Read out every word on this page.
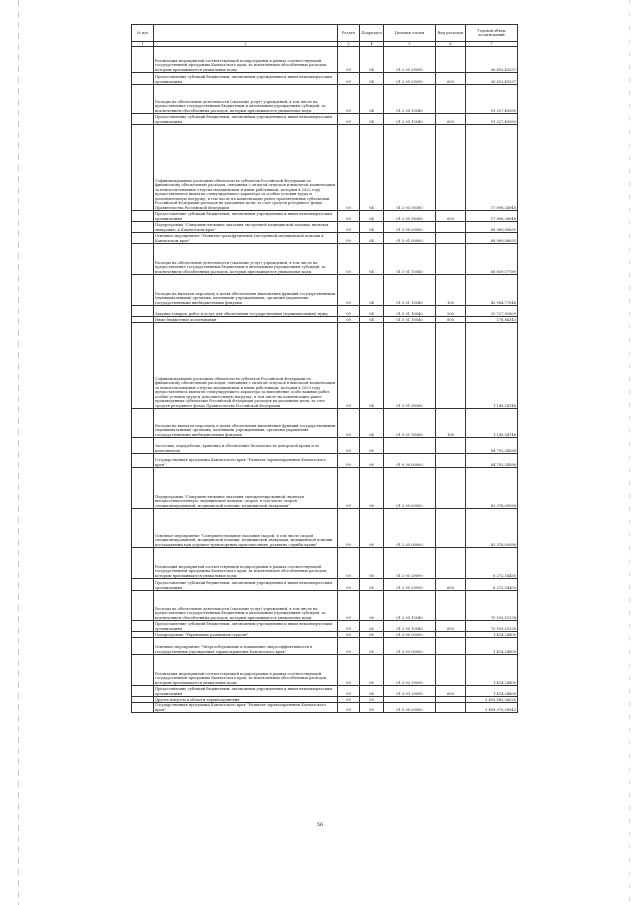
№ п/п		Раздел	Подраздел	Целевая статья	Вид расходов	Годовой объем ассигнований
1	2	3	4	5	6	7
	Реализация мероприятий соответствующей подпрограммы в рамках соответствующей государственной программы Камчатского края, за исключением обособленных расходов, которым присваиваются уникальные коды	09	04	01 2 05 29090		56 852,43537
	Предоставление субсидий бюджетным, автономным учреждениям и иным некоммерческим организациям	09	04	01 2 05 29090	600	56 852,43537
	Расходы на обеспечение деятельности (оказание услуг) учреждений, в том числе на предоставление государственным бюджетным и автономным учреждениям субсидий, за исключением обособленных расходов, которым присваиваются уникальные коды	09	04	01 2 05 10040		91 327,49080
	Предоставление субсидий бюджетным, автономным учреждениям и иным некоммерческим организациям	09	04	01 2 05 10040	600	91 327,49080
	Софинансирование расходных обязательств субъектов Российской Федерации по финансовому обеспечению расходов, связанных с оплатой отпусков и выплатой компенсации за неиспользованные отпуска медицинским и иным работникам, которым в 2022 году предоставлялись выплаты стимулирующего характера за особые условия труда и дополнительную нагрузку, в том числе на компенсацию ранее произведенных субъектами Российской Федерации расходов на указанные цели, за счет средств резервного фонда Правительства Российской Федерации	09	04	01 2 05 58380		17 898,34948
	Предоставление субсидий бюджетным, автономным учреждениям и иным некоммерческим организациям	09	04	01 2 05 58380	600	17 898,34948
	Подпрограмма "Совершенствование оказания экстренной медицинской помощи, включая эвакуацию, в Камчатском крае"	09	04	01 5 00 00000		68 969,08835
	Основное мероприятие "Развитие трансфузионной (экстренной медицинской помощи в Камчатском крае"	09	04	01 5 01 00000		68 969,08835
	Расходы на обеспечение деятельности (оказание услуг) учреждений, в том числе на предоставление государственным бюджетным и автономным учреждениям субсидий, за исключением обособленных расходов, которым присваиваются уникальные коды	09	04	01 5 01 10040		68 859,57789
	Расходы на выплаты персоналу в целях обеспечения выполнения функций государственными (муниципальными) органами, казенными учреждениями, органами управления государственными внебюджетными фондами	09	04	01 5 01 10040	100	42 984,77046
	Закупка товаров, работ и услуг для обеспечения государственных (муниципальных) нужд	09	04	01 5 01 10040	200	25 727,92809
	Иные бюджетные ассигнования	09	04	01 5 01 10040	800	176,84143
	Софинансирование расходных обязательств субъектов Российской Федерации по финансовому обеспечению расходов, связанных с оплатой отпусков и выплатой компенсации за неиспользованные отпуска медицинским и иным работникам, которым в 2020 году предоставлялись выплаты стимулирующего характера за выполнение особо важных работ, особые условия труда и дополнительную нагрузку, в том числе на компенсацию ранее произведенных субъектами Российской Федерации расходов на указанные цели, за счет средств резервного фонда Правительства Российской Федерации	09	04	01 5 01 58380		1 149,54746
	Расходы на выплаты персоналу в целях обеспечения выполнения функций государственными (муниципальными) органами, казенными учреждениями, органами управления государственными внебюджетными фондами	09	04	01 5 01 58380	100	1 149,54746
	Заготовка, переработка, хранение и обеспечение безопасности донорской крови и ее компонентов	09	06			84 792,34588
	Государственная программа Камчатского края "Развитие здравоохранения Камчатского края"	09	06	01 0 00 00000		84 792,34588
	Подпрограмма "Совершенствование оказания специализированной, включая высокотехнологичную, медицинской помощи, скорой, в том числе скорой специализированной, медицинской помощи, медицинской эвакуации"	09	06	01 2 00 00000		83 378,09588
	Основное мероприятие "Совершенствование оказания скорой, в том числе скорой специализированной, медицинской помощи, медицинской эвакуации, медицинской помощи пострадавшим при дорожно-транспортных происшествиях, развитие службы крови"	09	06	01 2 05 00000		83 378,09588
	Реализация мероприятий соответствующей подпрограммы в рамках соответствующей государственной программы Камчатского края, за исключением обособленных расходов, которым присваиваются уникальные коды	09	06	01 2 05 29090		8 272,54450
	Предоставление субсидий бюджетным, автономным учреждениям и иным некоммерческим организациям	09	06	01 2 05 29090	600	8 272,54450
	Расходы на обеспечение деятельности (оказание услуг) учреждений, в том числе на предоставление государственным бюджетным и автономным учреждениям субсидий, за исключением обособленных расходов, которым присваиваются уникальные коды	09	06	01 2 05 10040		75 105,55138
	Предоставление субсидий бюджетным, автономным учреждениям и иным некоммерческим организациям	09	06	01 2 05 10040	600	75 105,55138
	Подпрограмма "Управление развитием отрасли"	09	06	01 3 00 00000		1 414,24800
	Основное мероприятие "Энергосбережение и повышение энергоэффективности в государственных учреждениях здравоохранения Камчатского края"	09	06	01 3 03 00000		1 414,24800
	Реализация мероприятий соответствующей подпрограммы в рамках соответствующей государственной программы Камчатского края, за исключением обособленных расходов, которым присваиваются уникальные коды	09	06	01 3 03 29090		1 414,24800
	Предоставление субсидий бюджетным, автономным учреждениям и иным некоммерческим организациям	09	06	01 3 03 29090	600	1 414,24800
	Другие вопросы в области здравоохранения	09	09			5 495 883,36520
	Государственная программа Камчатского края "Развитие здравоохранения Камчатского края"	09	09	01 0 00 00000		5 408 370,28942
56
